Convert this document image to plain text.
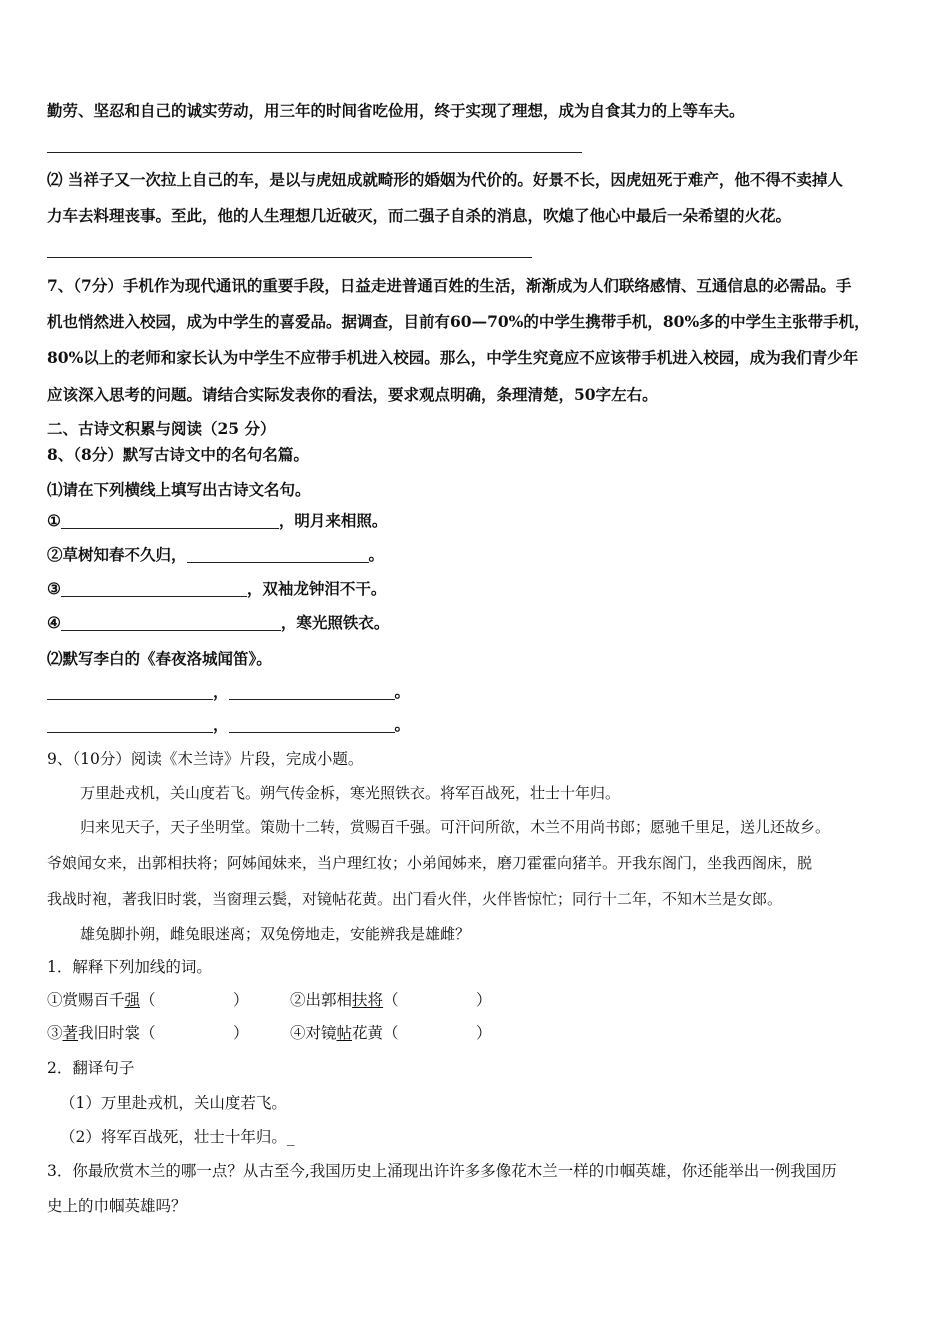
勤劳、坚忍和自己的诚实劳动，用三年的时间省吃俭用，终于实现了理想，成为自食其力的上等车夫。
⑵ 当祥子又一次拉上自己的车，是以与虎妞成就畸形的婚姻为代价的。好景不长，因虎妞死于难产，他不得不卖掉人
力车去料理丧事。至此，他的人生理想几近破灭，而二强子自杀的消息，吹熄了他心中最后一朵希望的火花。
7、（7分）手机作为现代通讯的重要手段，日益走进普通百姓的生活，渐渐成为人们联络感情、互通信息的必需品。手
机也悄然进入校园，成为中学生的喜爱品。据调查，目前有60—70%的中学生携带手机，80%多的中学生主张带手机，
80%以上的老师和家长认为中学生不应带手机进入校园。那么，中学生究竟应不应该带手机进入校园，成为我们青少年
应该深入思考的问题。请结合实际发表你的看法，要求观点明确，条理清楚，50字左右。
二、古诗文积累与阅读（25 分）
8、（8分）默写古诗文中的名句名篇。
⑴请在下列横线上填写出古诗文名句。
①	，明月来相照。
②草树知春不久归，	。
③	，双袖龙钟泪不干。
④	，寒光照铁衣。
⑵默写李白的《春夜洛城闻笛》。
，	。
，	。
9、（10分）阅读《木兰诗》片段，完成小题。
万里赴戎机，关山度若飞。朔气传金柝，寒光照铁衣。将军百战死，壮士十年归。
归来见天子，天子坐明堂。策勋十二转，赏赐百千强。可汗问所欲，木兰不用尚书郎；愿驰千里足，送儿还故乡。
爷娘闻女来，出郭相扶将；阿姊闻妹来，当户理红妆；小弟闻姊来，磨刀霍霍向猪羊。开我东阁门，坐我西阁床，脱
我战时袍，著我旧时裳，当窗理云鬓，对镜帖花黄。出门看火伴，火伴皆惊忙；同行十二年，不知木兰是女郎。
雄兔脚扑朔，雌兔眼迷离；双兔傍地走，安能辨我是雄雌？
1．解释下列加线的词。
①赏赐百千强（　　　　　）	②出郭相扶将（　　　　　）
③著我旧时裳（　　　　　）	④对镜帖花黄（　　　　　）
2．翻译句子
（1）万里赴戎机，关山度若飞。
（2）将军百战死，壮士十年归。_
3．你最欣赏木兰的哪一点？从古至今,我国历史上涌现出许许多多像花木兰一样的巾帼英雄，你还能举出一例我国历
史上的巾帼英雄吗？
